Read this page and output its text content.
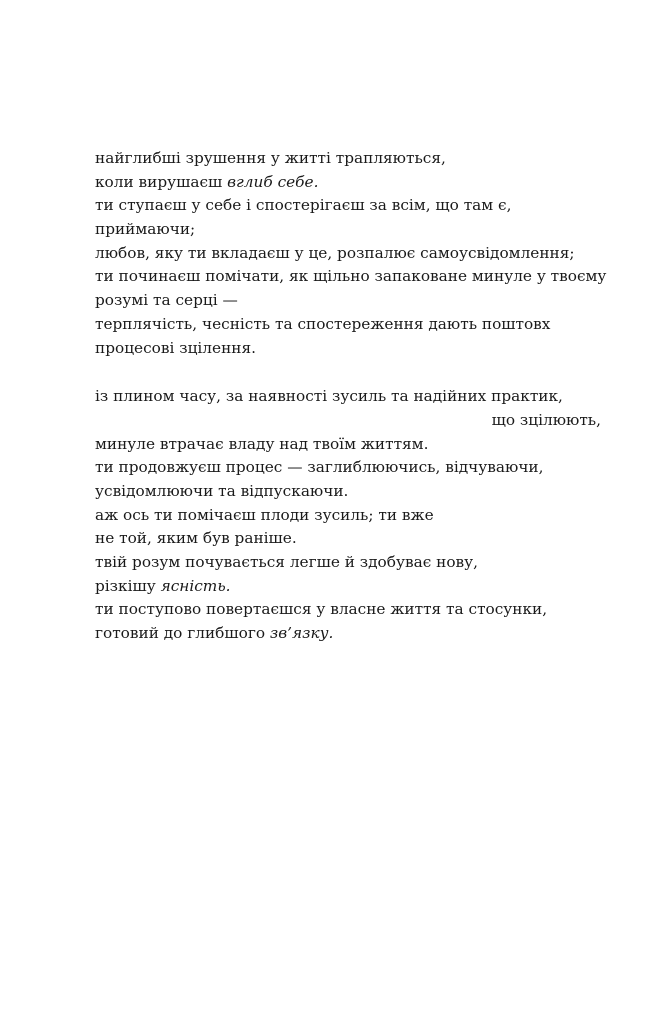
найглибші зрушення у житті трапляються,
коли вирушаєш вглиб себе.
ти ступаєш у себе і спостерігаєш за всім, що там є,
приймаючи;
любов, яку ти вкладаєш у це, розпалює самоусвідомлення;
ти починаєш помічати, як щільно запаковане минуле у твоєму
розумі та серці —
терплячість, чесність та спостереження дають поштовх
процесові зцілення.
із плином часу, за наявності зусиль та надійних практик,
що зцілюють,
минуле втрачає владу над твоїм життям.
ти продовжуєш процес — заглиблюючись, відчуваючи,
усвідомлюючи та відпускаючи.
аж ось ти помічаєш плоди зусиль; ти вже
не той, яким був раніше.
твій розум почувається легше й здобуває нову,
різкішу ясність.
ти поступово повертаєшся у власне життя та стосунки,
готовий до глибшого зв’язку.
